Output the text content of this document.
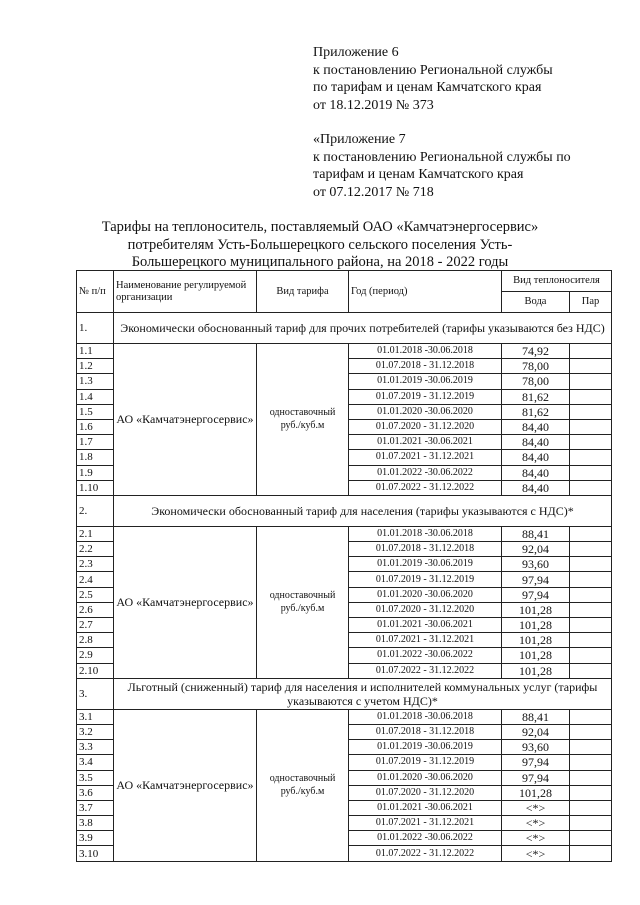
Приложение 6
к постановлению Региональной службы
по тарифам и ценам Камчатского края
от 18.12.2019 № 373
«Приложение 7
к постановлению Региональной службы по
тарифам и ценам Камчатского края
от 07.12.2017 № 718
Тарифы на теплоноситель, поставляемый ОАО «Камчатэнергосервис»
потребителям Усть-Большерецкого сельского поселения Усть-
Большерецкого муниципального района, на 2018 - 2022 годы
№ п/п	Наименование регулируемой организации	Вид тарифа	Год (период)	Вид теплоносителя	
				Вода	Пар
1.	Экономически обоснованный тариф для прочих потребителей (тарифы указываются без НДС)				
1.1	АО «Камчатэнергосервис»	одноставочный руб./куб.м	01.01.2018 -30.06.2018	74,92	
1.2			01.07.2018 - 31.12.2018	78,00	
1.3			01.01.2019 -30.06.2019	78,00	
1.4			01.07.2019 - 31.12.2019	81,62	
1.5			01.01.2020 -30.06.2020	81,62	
1.6			01.07.2020 - 31.12.2020	84,40	
1.7			01.01.2021 -30.06.2021	84,40	
1.8			01.07.2021 - 31.12.2021	84,40	
1.9			01.01.2022 -30.06.2022	84,40	
1.10			01.07.2022 - 31.12.2022	84,40	
2.	Экономически обоснованный тариф для населения (тарифы указываются с НДС)*				
2.1	АО «Камчатэнергосервис»	одноставочный руб./куб.м	01.01.2018 -30.06.2018	88,41	
2.2			01.07.2018 - 31.12.2018	92,04	
2.3			01.01.2019 -30.06.2019	93,60	
2.4			01.07.2019 - 31.12.2019	97,94	
2.5			01.01.2020 -30.06.2020	97,94	
2.6			01.07.2020 - 31.12.2020	101,28	
2.7			01.01.2021 -30.06.2021	101,28	
2.8			01.07.2021 - 31.12.2021	101,28	
2.9			01.01.2022 -30.06.2022	101,28	
2.10			01.07.2022 - 31.12.2022	101,28	
3.	Льготный (сниженный) тариф для населения и исполнителей коммунальных услуг (тарифы указываются с учетом НДС)*				
3.1	АО «Камчатэнергосервис»	одноставочный руб./куб.м	01.01.2018 -30.06.2018	88,41	
3.2			01.07.2018 - 31.12.2018	92,04	
3.3			01.01.2019 -30.06.2019	93,60	
3.4			01.07.2019 - 31.12.2019	97,94	
3.5			01.01.2020 -30.06.2020	97,94	
3.6			01.07.2020 - 31.12.2020	101,28	
3.7			01.01.2021 -30.06.2021	<*>	
3.8			01.07.2021 - 31.12.2021	<*>	
3.9			01.01.2022 -30.06.2022	<*>	
3.10			01.07.2022 - 31.12.2022	<*>	
